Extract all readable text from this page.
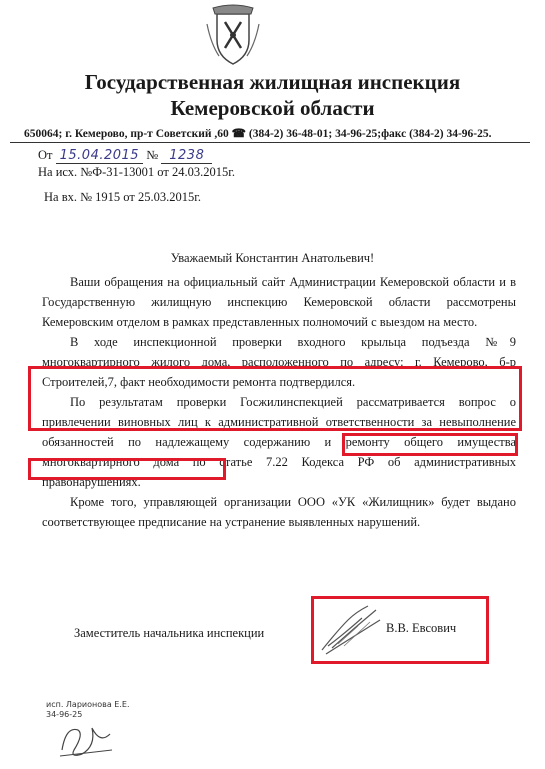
Государственная жилищная инспекция
Кемеровской области
650064; г. Кемерово, пр-т Советский ,60 ☎ (384-2) 36-48-01; 34-96-25;факс (384-2) 34-96-25.
От 15.04.2015 № 1238
На исх. №Ф-31-13001 от 24.03.2015г.
На вх. № 1915 от 25.03.2015г.
Уважаемый Константин Анатольевич!

Ваши обращения на официальный сайт Администрации Кемеровской области и в Государственную жилищную инспекцию Кемеровской области рассмотрены Кемеровским отделом в рамках представленных полномочий с выездом на место.

В ходе инспекционной проверки входного крыльца подъезда №9 многоквартирного жилого дома, расположенного по адресу: г. Кемерово, б-р Строителей,7, факт необходимости ремонта подтвердился.

По результатам проверки Госжилинспекцией рассматривается вопрос о привлечении виновных лиц к административной ответственности за невыполнение обязанностей по надлежащему содержанию и ремонту общего имущества многоквартирного дома по статье 7.22 Кодекса РФ об административных правонарушениях.

Кроме того, управляющей организации ООО «УК «Жилищник» будет выдано соответствующее предписание на устранение выявленных нарушений.

Заместитель начальника инспекции	В.В. Евсович
исп. Ларионова Е.Е.
34-96-25
